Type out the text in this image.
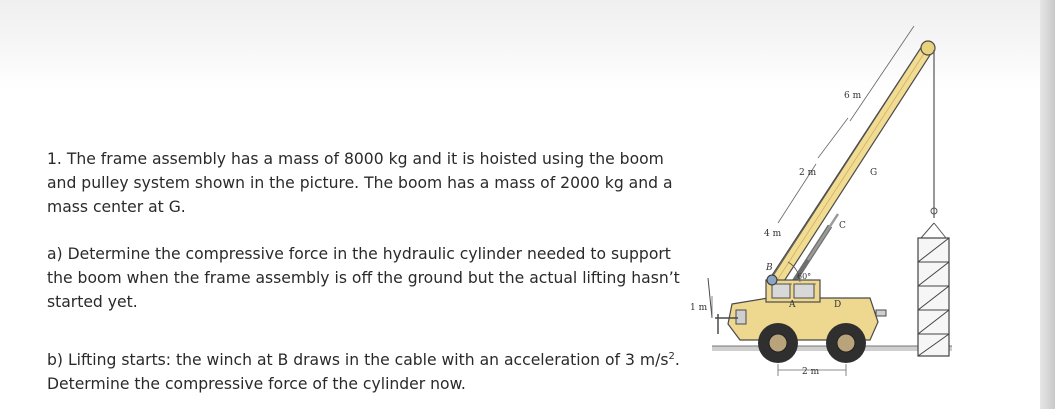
1. The frame assembly has a mass of 8000 kg and it is hoisted using the boom and pulley system shown in the picture. The boom has a mass of 2000 kg and a mass center at G.

a) Determine the compressive force in the hydraulic cylinder needed to support the boom when the frame assembly is off the ground but the actual lifting hasn’t started yet.

b) Lifting starts: the winch at B draws in the cable with an acceleration of 3 $m/s^2$. Determine the compressive force of the cylinder now.

6 m
2 m
4 m
G
C
B
A	D
60°
1 m
2 m
